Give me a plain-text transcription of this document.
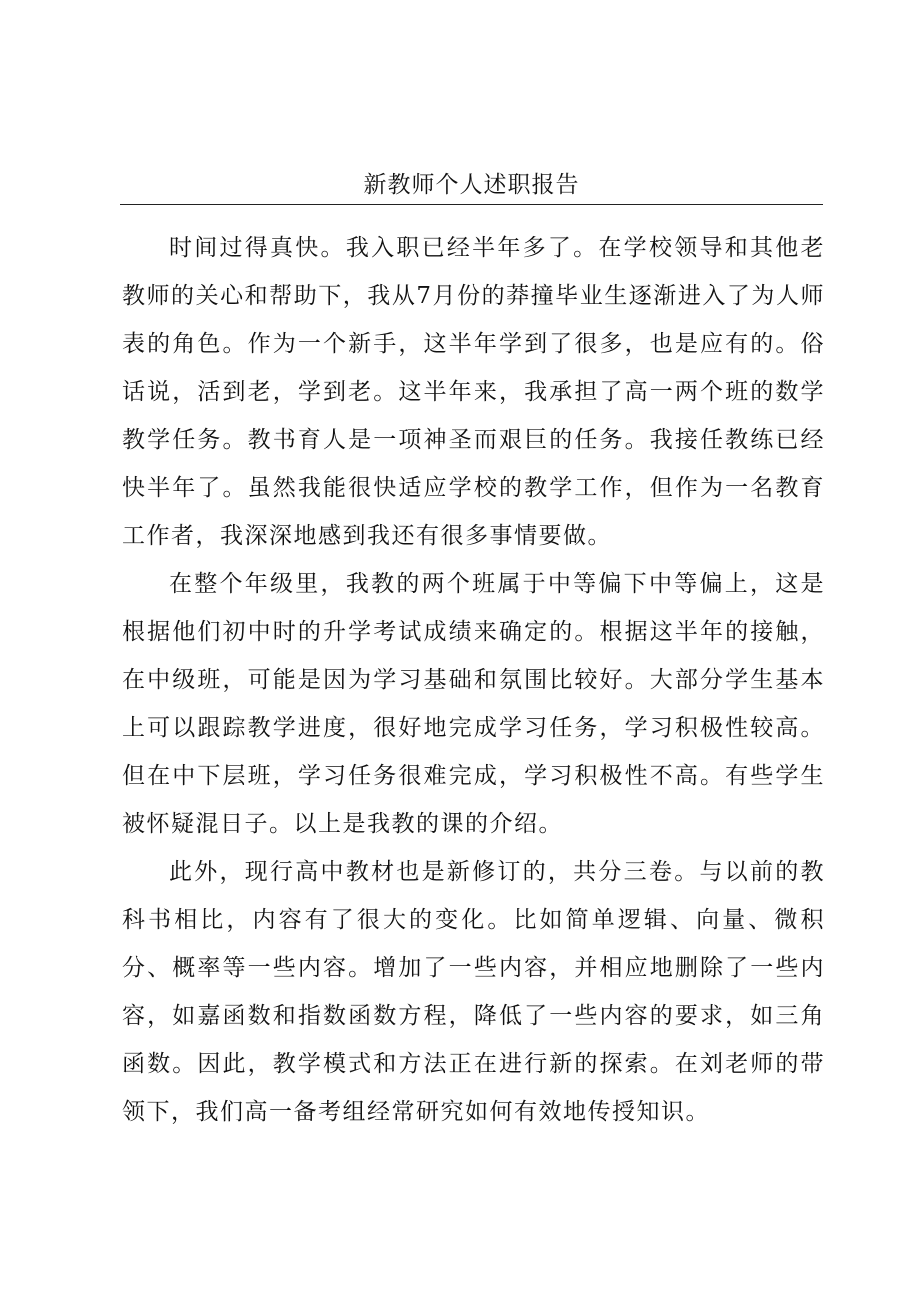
新教师个人述职报告

时间过得真快。我入职已经半年多了。在学校领导和其他老教师的关心和帮助下，我从7月份的莽撞毕业生逐渐进入了为人师表的角色。作为一个新手，这半年学到了很多，也是应有的。俗话说，活到老，学到老。这半年来，我承担了高一两个班的数学教学任务。教书育人是一项神圣而艰巨的任务。我接任教练已经快半年了。虽然我能很快适应学校的教学工作，但作为一名教育工作者，我深深地感到我还有很多事情要做。

在整个年级里，我教的两个班属于中等偏下中等偏上，这是根据他们初中时的升学考试成绩来确定的。根据这半年的接触，在中级班，可能是因为学习基础和氛围比较好。大部分学生基本上可以跟踪教学进度，很好地完成学习任务，学习积极性较高。但在中下层班，学习任务很难完成，学习积极性不高。有些学生被怀疑混日子。以上是我教的课的介绍。

此外，现行高中教材也是新修订的，共分三卷。与以前的教科书相比，内容有了很大的变化。比如简单逻辑、向量、微积分、概率等一些内容。增加了一些内容，并相应地删除了一些内容，如嘉函数和指数函数方程，降低了一些内容的要求，如三角函数。因此，教学模式和方法正在进行新的探索。在刘老师的带领下，我们高一备考组经常研究如何有效地传授知识。
